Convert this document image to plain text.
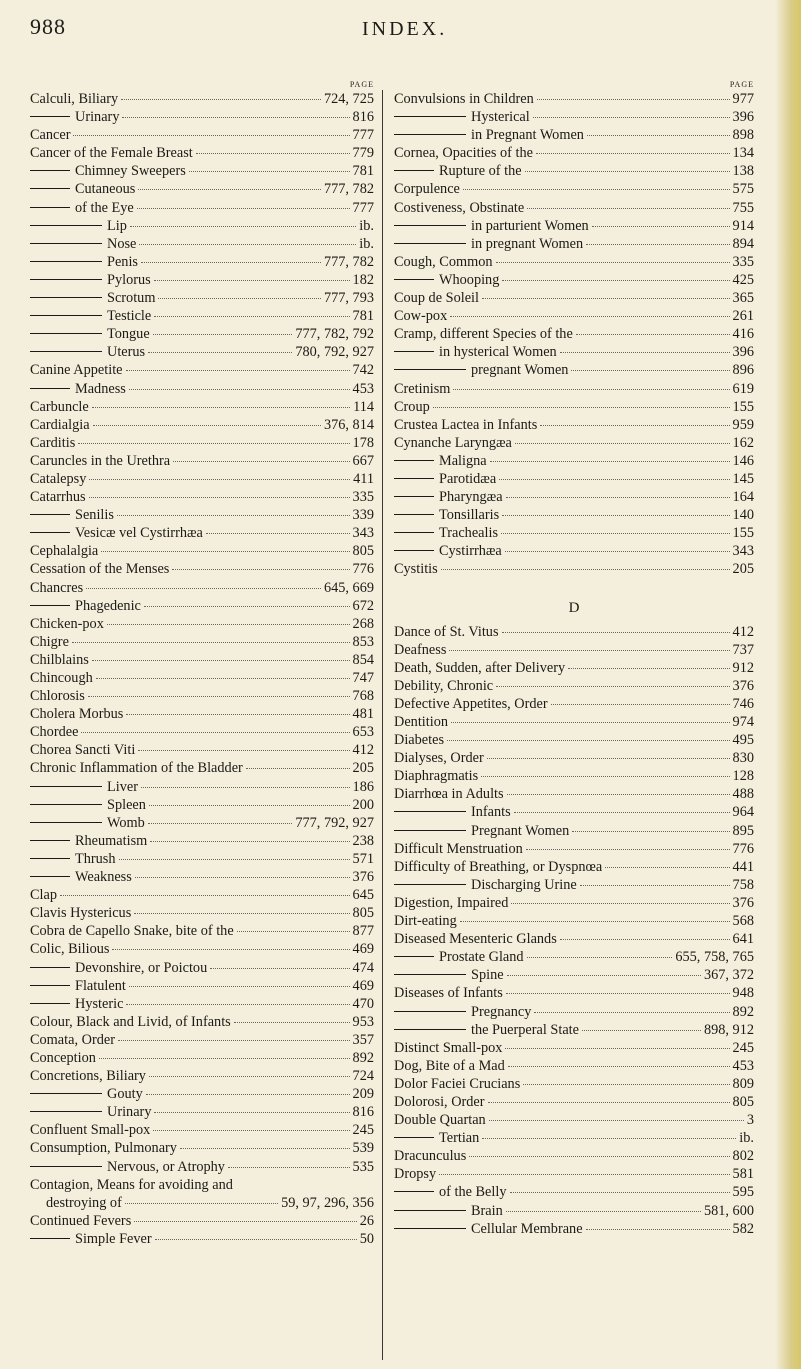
988	INDEX.
PAGE
Calculi, Biliary	724, 725
Urinary	816
Cancer	777
Cancer of the Female Breast	779
Chimney Sweepers	781
Cutaneous	777, 782
of the Eye	777
Lip	ib.
Nose	ib.
Penis	777, 782
Pylorus	182
Scrotum	777, 793
Testicle	781
Tongue	777, 782, 792
Uterus	780, 792, 927
Canine Appetite	742
Madness	453
Carbuncle	114
Cardialgia	376, 814
Carditis	178
Caruncles in the Urethra	667
Catalepsy	411
Catarrhus	335
Senilis	339
Vesicæ vel Cystirrhæa	343
Cephalalgia	805
Cessation of the Menses	776
Chancres	645, 669
Phagedenic	672
Chicken-pox	268
Chigre	853
Chilblains	854
Chincough	747
Chlorosis	768
Cholera Morbus	481
Chordee	653
Chorea Sancti Viti	412
Chronic Inflammation of the Bladder	205
Liver	186
Spleen	200
Womb	777, 792, 927
Rheumatism	238
Thrush	571
Weakness	376
Clap	645
Clavis Hystericus	805
Cobra de Capello Snake, bite of the	877
Colic, Bilious	469
Devonshire, or Poictou	474
Flatulent	469
Hysteric	470
Colour, Black and Livid, of Infants	953
Comata, Order	357
Conception	892
Concretions, Biliary	724
Gouty	209
Urinary	816
Confluent Small-pox	245
Consumption, Pulmonary	539
Nervous, or Atrophy	535
Contagion, Means for avoiding and
destroying of	59, 97, 296, 356
Continued Fevers	26
Simple Fever	50
PAGE
Convulsions in Children	977
Hysterical	396
in Pregnant Women	898
Cornea, Opacities of the	134
Rupture of the	138
Corpulence	575
Costiveness, Obstinate	755
in parturient Women	914
in pregnant Women	894
Cough, Common	335
Whooping	425
Coup de Soleil	365
Cow-pox	261
Cramp, different Species of the	416
in hysterical Women	396
pregnant Women	896
Cretinism	619
Croup	155
Crustea Lactea in Infants	959
Cynanche Laryngæa	162
Maligna	146
Parotidæa	145
Pharyngæa	164
Tonsillaris	140
Trachealis	155
Cystirrhæa	343
Cystitis	205
D
Dance of St. Vitus	412
Deafness	737
Death, Sudden, after Delivery	912
Debility, Chronic	376
Defective Appetites, Order	746
Dentition	974
Diabetes	495
Dialyses, Order	830
Diaphragmatis	128
Diarrhœa in Adults	488
Infants	964
Pregnant Women	895
Difficult Menstruation	776
Difficulty of Breathing, or Dyspnœa	441
Discharging Urine	758
Digestion, Impaired	376
Dirt-eating	568
Diseased Mesenteric Glands	641
Prostate Gland	655, 758, 765
Spine	367, 372
Diseases of Infants	948
Pregnancy	892
the Puerperal State	898, 912
Distinct Small-pox	245
Dog, Bite of a Mad	453
Dolor Faciei Crucians	809
Dolorosi, Order	805
Double Quartan	3
Tertian	ib.
Dracunculus	802
Dropsy	581
of the Belly	595
Brain	581, 600
Cellular Membrane	582
